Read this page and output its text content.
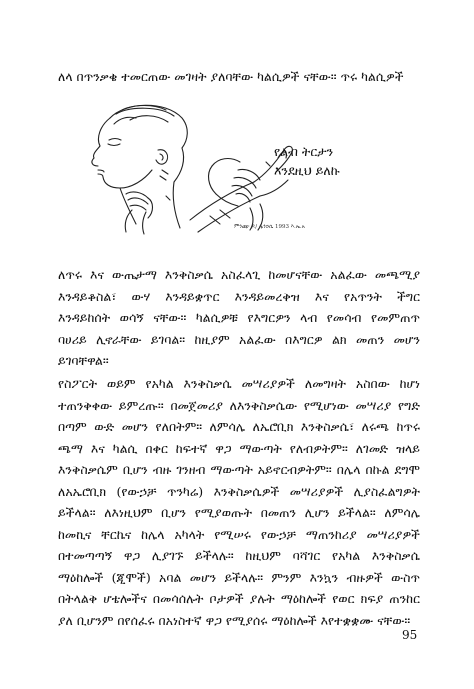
ለላ በጥንቃቄ ተመርጠው መገዛት ያለባቸው ካልሲዎች ናቸው። ጥሩ ካልሲዎች
የልብ ትርታን
እንደዚህ ይለኩ
ምንጩ፡ ዶ/ ሌንኃሴ 1993 እ.ኤ.አ
ለጥሩ እና ውጤታማ እንቅስቃሴ አስፈላጊ ከመሆናቸው አልፈው መጫሚያ
እንዳይቆስል፣ ውሃ እንዳይቋጥር እንዳይመረቅዝ እና የአጥንት ችግር
እንዳይከሰት ወሳኝ ናቸው። ካልሲዎቹ የእግርዎን ላብ የመሳብ የመምጠጥ
ባሀሪይ ሊኖራቸው ይገባል። ከዚያም አልፈው በእግርዎ ልክ መጠን መሆን
ይገባቸዋል።
የስፖርት ወይም የአካል እንቅስቃሴ መሣሪያዎች ለመግዛት አስበው ከሆነ
ተጠንቅቀው ይምረጡ። በመጀመሪያ ለእንቅስቃሴው የሚሆነው መሣሪያ የግድ
በጣም ውድ መሆን የለበትም። ለምሳሌ ለኤሮቢክ እንቅስቃሴ፣ ለሩጫ ከጥሩ
ጫማ እና ካልሲ በቀር ከፍተኛ ዋጋ ማውጣት የለብዎትም። ለገመድ ዝላይ
እንቅስቃሴም ቢሆን ብዙ ገንዘብ ማውጣት አይኖርብዎትም። በሌላ በኩል ደግሞ
ለአኤሮቢክ (የውኃቻ ጥንካሬ) እንቅስቃሴዎች መሣሪያዎች ሊያስፈልግዎት
ይችላል። ለእነዚህም ቢሆን የሚያወጡት በመጠን ሊሆን ይችላል። ለምሳሌ
ከመኪና ቸርኬና ከሌላ አካላት የሚሠሩ የውኃቻ ማጠንከሪያ መሣሪያዎች
በተመጣጣኝ ዋጋ ሊያገኙ ይችላሉ። ከዚህም ባሻገር የአካል እንቅስቃሴ
ማዕከሎች (ጂሞች) አባል መሆን ይችላሉ። ምንም እንኳን ብዙዎች ውስጥ
በትላልቅ ሆቴሎችና በመሳሰሉት ቦታዎች ያሉት ማዕከሎች የወር ክፍያ ጠንከር
ያለ ቢሆንም በየሰፈሩ በአነስተኛ ዋጋ የሚያሰሩ ማዕከሎች እየተቋቋሙ ናቸው።
95
